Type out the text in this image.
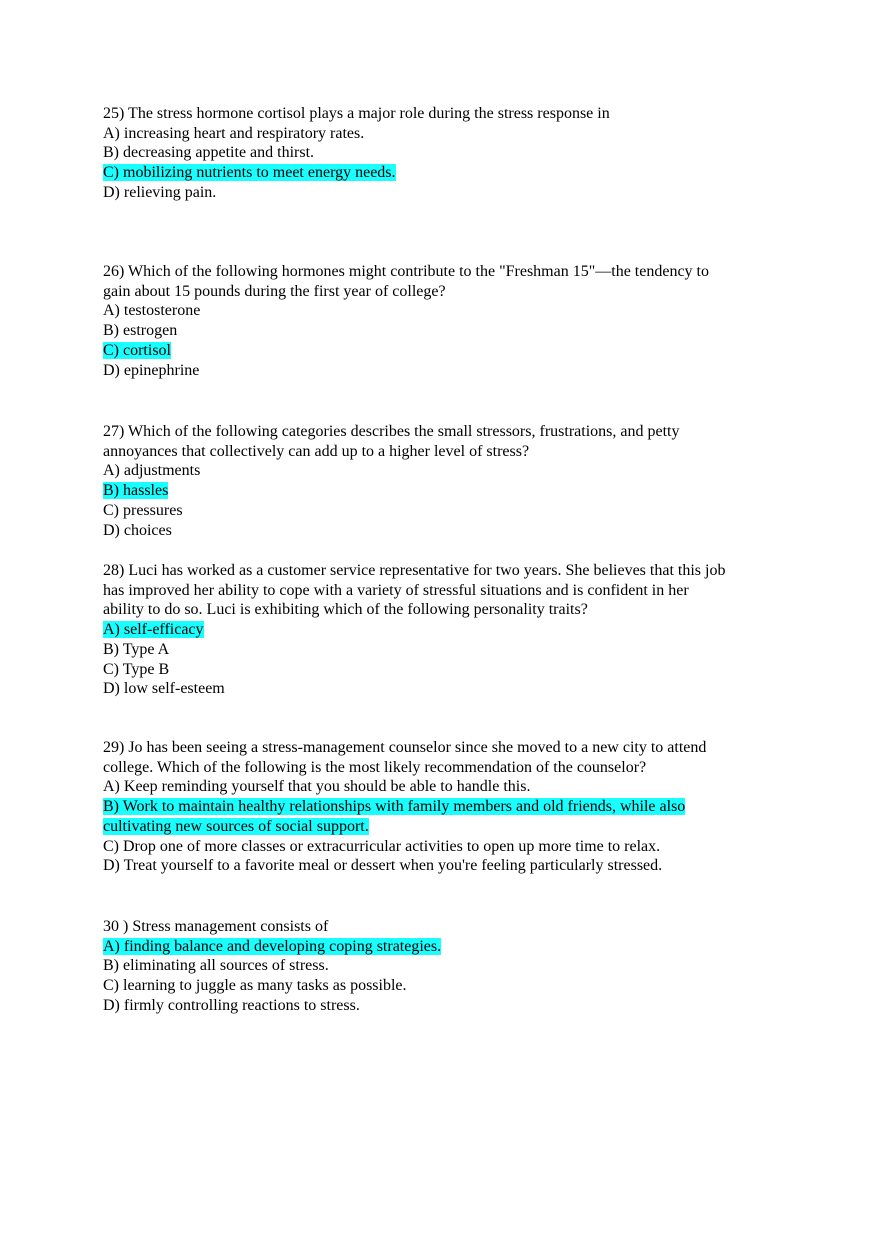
25) The stress hormone cortisol plays a major role during the stress response in
A) increasing heart and respiratory rates.
B) decreasing appetite and thirst.
C) mobilizing nutrients to meet energy needs.
D) relieving pain.
26) Which of the following hormones might contribute to the "Freshman 15"—the tendency to
gain about 15 pounds during the first year of college?
A) testosterone
B) estrogen
C) cortisol
D) epinephrine
27) Which of the following categories describes the small stressors, frustrations, and petty
annoyances that collectively can add up to a higher level of stress?
A) adjustments
B) hassles
C) pressures
D) choices
28) Luci has worked as a customer service representative for two years. She believes that this job
has improved her ability to cope with a variety of stressful situations and is confident in her
ability to do so. Luci is exhibiting which of the following personality traits?
A) self-efficacy
B) Type A
C) Type B
D) low self-esteem
29) Jo has been seeing a stress-management counselor since she moved to a new city to attend
college. Which of the following is the most likely recommendation of the counselor?
A) Keep reminding yourself that you should be able to handle this.
B) Work to maintain healthy relationships with family members and old friends, while also
cultivating new sources of social support.
C) Drop one of more classes or extracurricular activities to open up more time to relax.
D) Treat yourself to a favorite meal or dessert when you're feeling particularly stressed.
30 ) Stress management consists of
A) finding balance and developing coping strategies.
B) eliminating all sources of stress.
C) learning to juggle as many tasks as possible.
D) firmly controlling reactions to stress.
